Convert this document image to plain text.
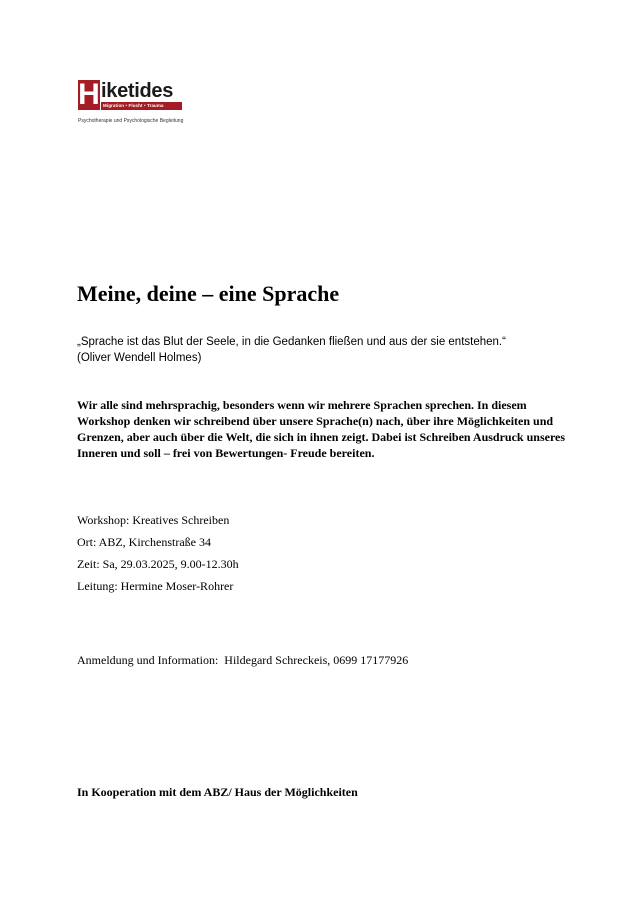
H iketides
Migration • Flucht • Trauma
Psychotherapie und Psychologische Begleitung
Meine, deine – eine Sprache
„Sprache ist das Blut der Seele, in die Gedanken fließen und aus der sie entstehen.“
(Oliver Wendell Holmes)

Wir alle sind mehrsprachig, besonders wenn wir mehrere Sprachen sprechen. In diesem Workshop denken wir schreibend über unsere Sprache(n) nach, über ihre Möglichkeiten und Grenzen, aber auch über die Welt, die sich in ihnen zeigt. Dabei ist Schreiben Ausdruck unseres Inneren und soll – frei von Bewertungen- Freude bereiten.

Workshop: Kreatives Schreiben
Ort: ABZ, Kirchenstraße 34
Zeit: Sa, 29.03.2025, 9.00-12.30h
Leitung: Hermine Moser-Rohrer
Anmeldung und Information:  Hildegard Schreckeis, 0699 17177926
In Kooperation mit dem ABZ/ Haus der Möglichkeiten
